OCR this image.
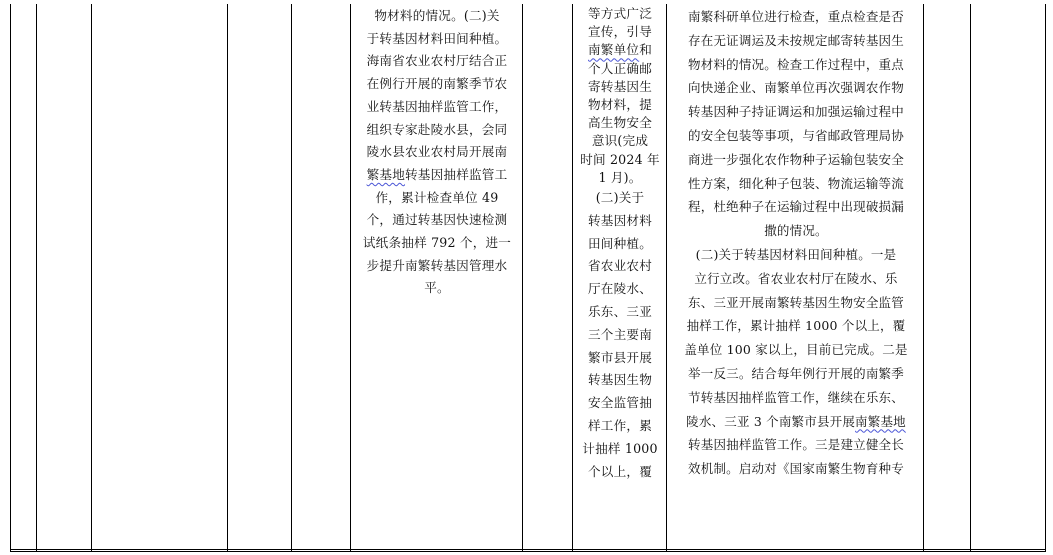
物材料的情况。(二)关
于转基因材料田间种植。
海南省农业农村厅结合正
在例行开展的南繁季节农
业转基因抽样监管工作，
组织专家赴陵水县，会同
陵水县农业农村局开展南
繁基地转基因抽样监管工
作，累计检查单位 49
个，通过转基因快速检测
试纸条抽样 792 个，进一
步提升南繁转基因管理水
平。
等方式广泛
宣传，引导
南繁单位和
个人正确邮
寄转基因生
物材料，提
高生物安全
意识(完成
时间 2024 年
1 月)。
(二)关于
转基因材料
田间种植。
省农业农村
厅在陵水、
乐东、三亚
三个主要南
繁市县开展
转基因生物
安全监管抽
样工作，累
计抽样 1000
个以上，覆
南繁科研单位进行检查，重点检查是否
存在无证调运及未按规定邮寄转基因生
物材料的情况。检查工作过程中，重点
向快递企业、南繁单位再次强调农作物
转基因种子持证调运和加强运输过程中
的安全包装等事项，与省邮政管理局协
商进一步强化农作物种子运输包装安全
性方案，细化种子包装、物流运输等流
程，杜绝种子在运输过程中出现破损漏
撒的情况。
(二)关于转基因材料田间种植。一是
立行立改。省农业农村厅在陵水、乐
东、三亚开展南繁转基因生物安全监管
抽样工作，累计抽样 1000 个以上，覆
盖单位 100 家以上，目前已完成。二是
举一反三。结合每年例行开展的南繁季
节转基因抽样监管工作，继续在乐东、
陵水、三亚 3 个南繁市县开展南繁基地
转基因抽样监管工作。三是建立健全长
效机制。启动对《国家南繁生物育种专
